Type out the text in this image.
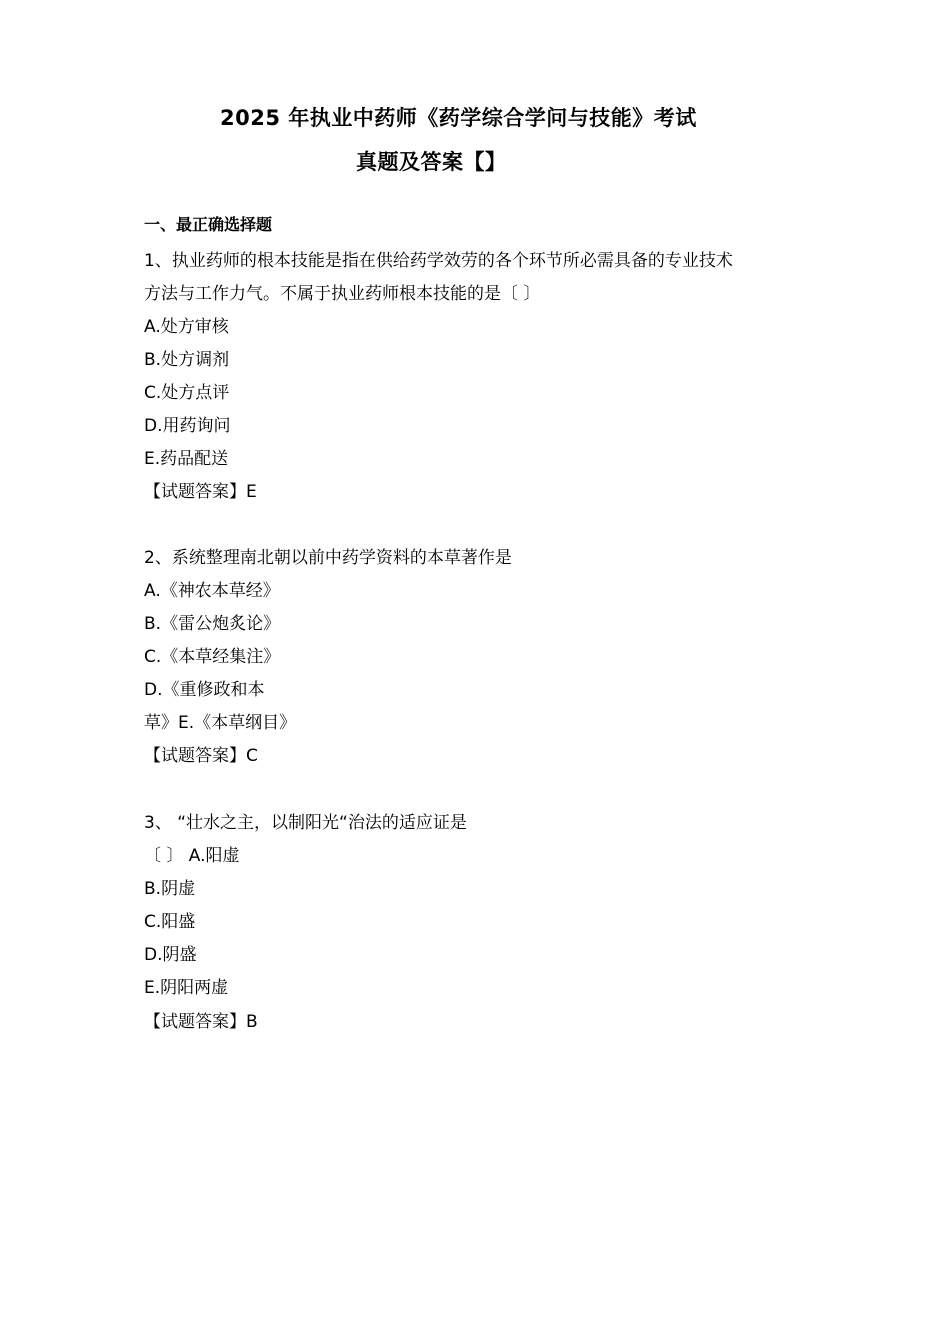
2025 年执业中药师《药学综合学问与技能》考试
真题及答案【】
一、最正确选择题
1、执业药师的根本技能是指在供给药学效劳的各个环节所必需具备的专业技术
方法与工作力气。不属于执业药师根本技能的是〔 〕
A.处方审核
B.处方调剂
C.处方点评
D.用药询问
E.药品配送
【试题答案】E
2、系统整理南北朝以前中药学资料的本草著作是
A.《神农本草经》
B.《雷公炮炙论》
C.《本草经集注》
D.《重修政和本
草》E.《本草纲目》
【试题答案】C
3、 “壮水之主，以制阳光“治法的适应证是
〔 〕 A.阳虚
B.阴虚
C.阳盛
D.阴盛
E.阴阳两虚
【试题答案】B
